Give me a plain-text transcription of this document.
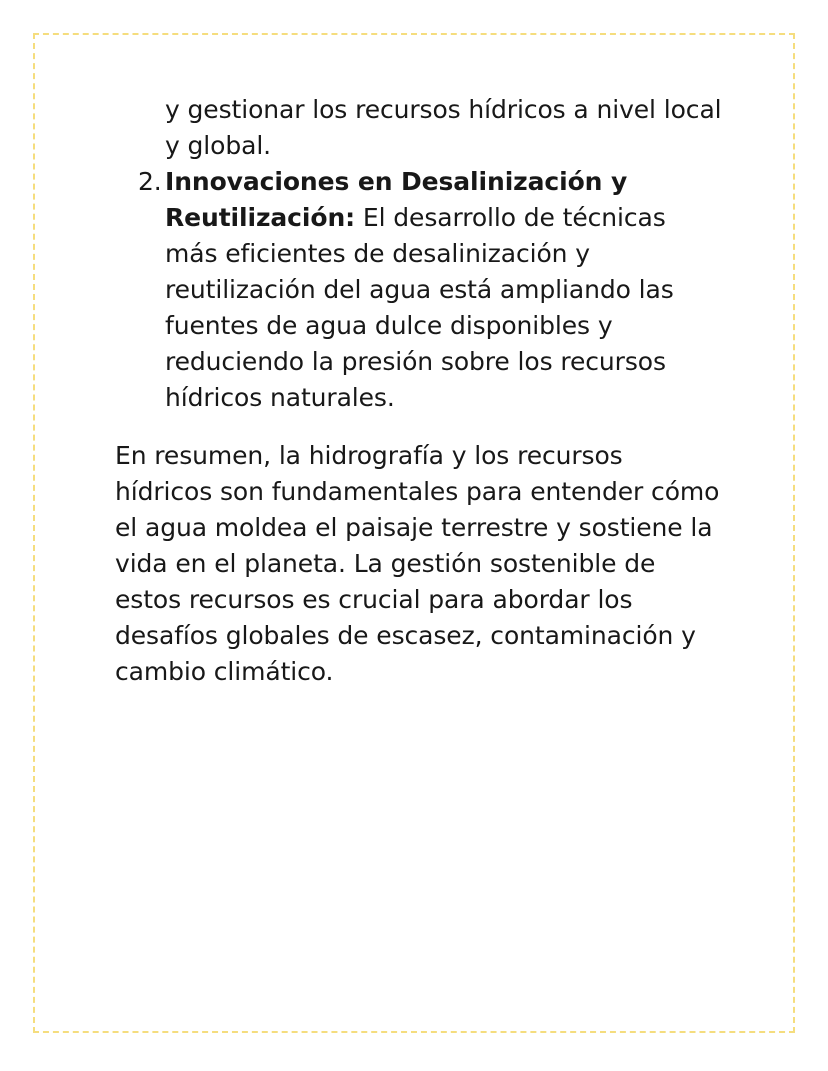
y gestionar los recursos hídricos a nivel local y global.

2. Innovaciones en Desalinización y Reutilización: El desarrollo de técnicas más eficientes de desalinización y reutilización del agua está ampliando las fuentes de agua dulce disponibles y reduciendo la presión sobre los recursos hídricos naturales.

En resumen, la hidrografía y los recursos hídricos son fundamentales para entender cómo el agua moldea el paisaje terrestre y sostiene la vida en el planeta. La gestión sostenible de estos recursos es crucial para abordar los desafíos globales de escasez, contaminación y cambio climático.
